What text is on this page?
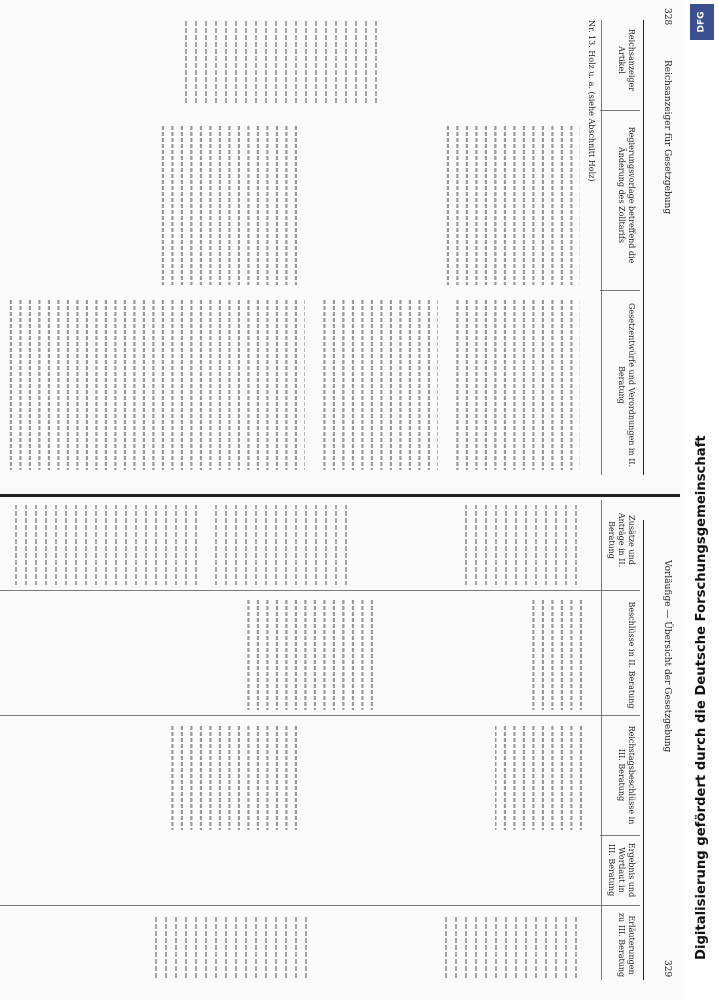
328
Reichsanzeiger für Gesetzgebung
Vorläufige — Übersicht der Gesetzgebung
329
Reichsanzeiger Artikel
Regierungsvorlage betreffend die Änderung des Zolltarifs
Gesetzentwürfe und Verordnungen in II. Beratung
Zusätze und Anträge in II. Beratung
Beschlüsse in II. Beratung
Reichstagsbeschlüsse in III. Beratung
Ergebnis und Wortlaut in III. Beratung
Erläuterungen zu III. Beratung
Nr. 13. Holz u. a. (siehe Abschnitt Holz)	DFG
Digitalisierung gefördert durch die Deutsche Forschungsgemeinschaft
